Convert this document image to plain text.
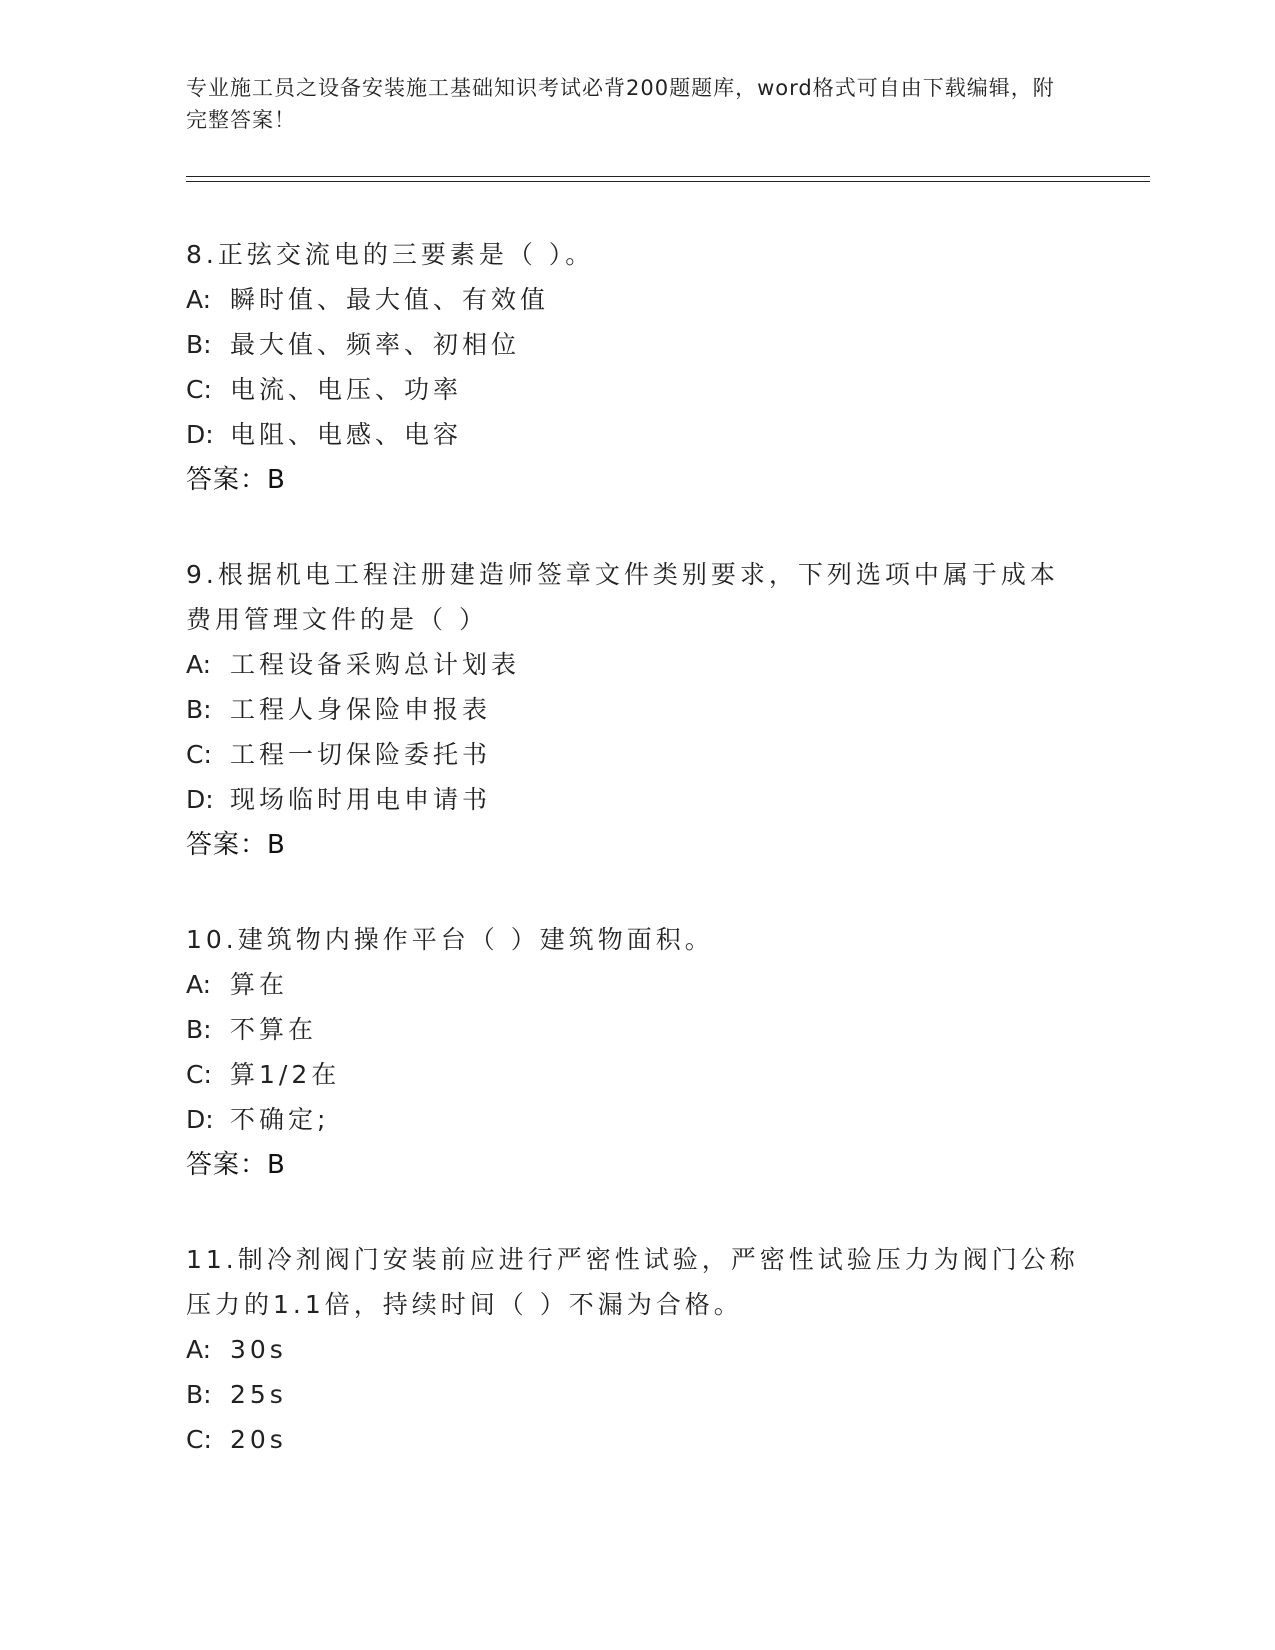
专业施工员之设备安装施工基础知识考试必背200题题库，word格式可自由下载编辑，附完整答案！
8.正弦交流电的三要素是（ ）。
A: 瞬时值、最大值、有效值
B: 最大值、频率、初相位
C: 电流、电压、功率
D: 电阻、电感、电容
答案：B
9.根据机电工程注册建造师签章文件类别要求，下列选项中属于成本费用管理文件的是（ ）
A: 工程设备采购总计划表
B: 工程人身保险申报表
C: 工程一切保险委托书
D: 现场临时用电申请书
答案：B
10.建筑物内操作平台（ ）建筑物面积。
A: 算在
B: 不算在
C: 算1/2在
D: 不确定;
答案：B
11.制冷剂阀门安装前应进行严密性试验，严密性试验压力为阀门公称压力的1.1倍，持续时间（ ）不漏为合格。
A: 30s
B: 25s
C: 20s
